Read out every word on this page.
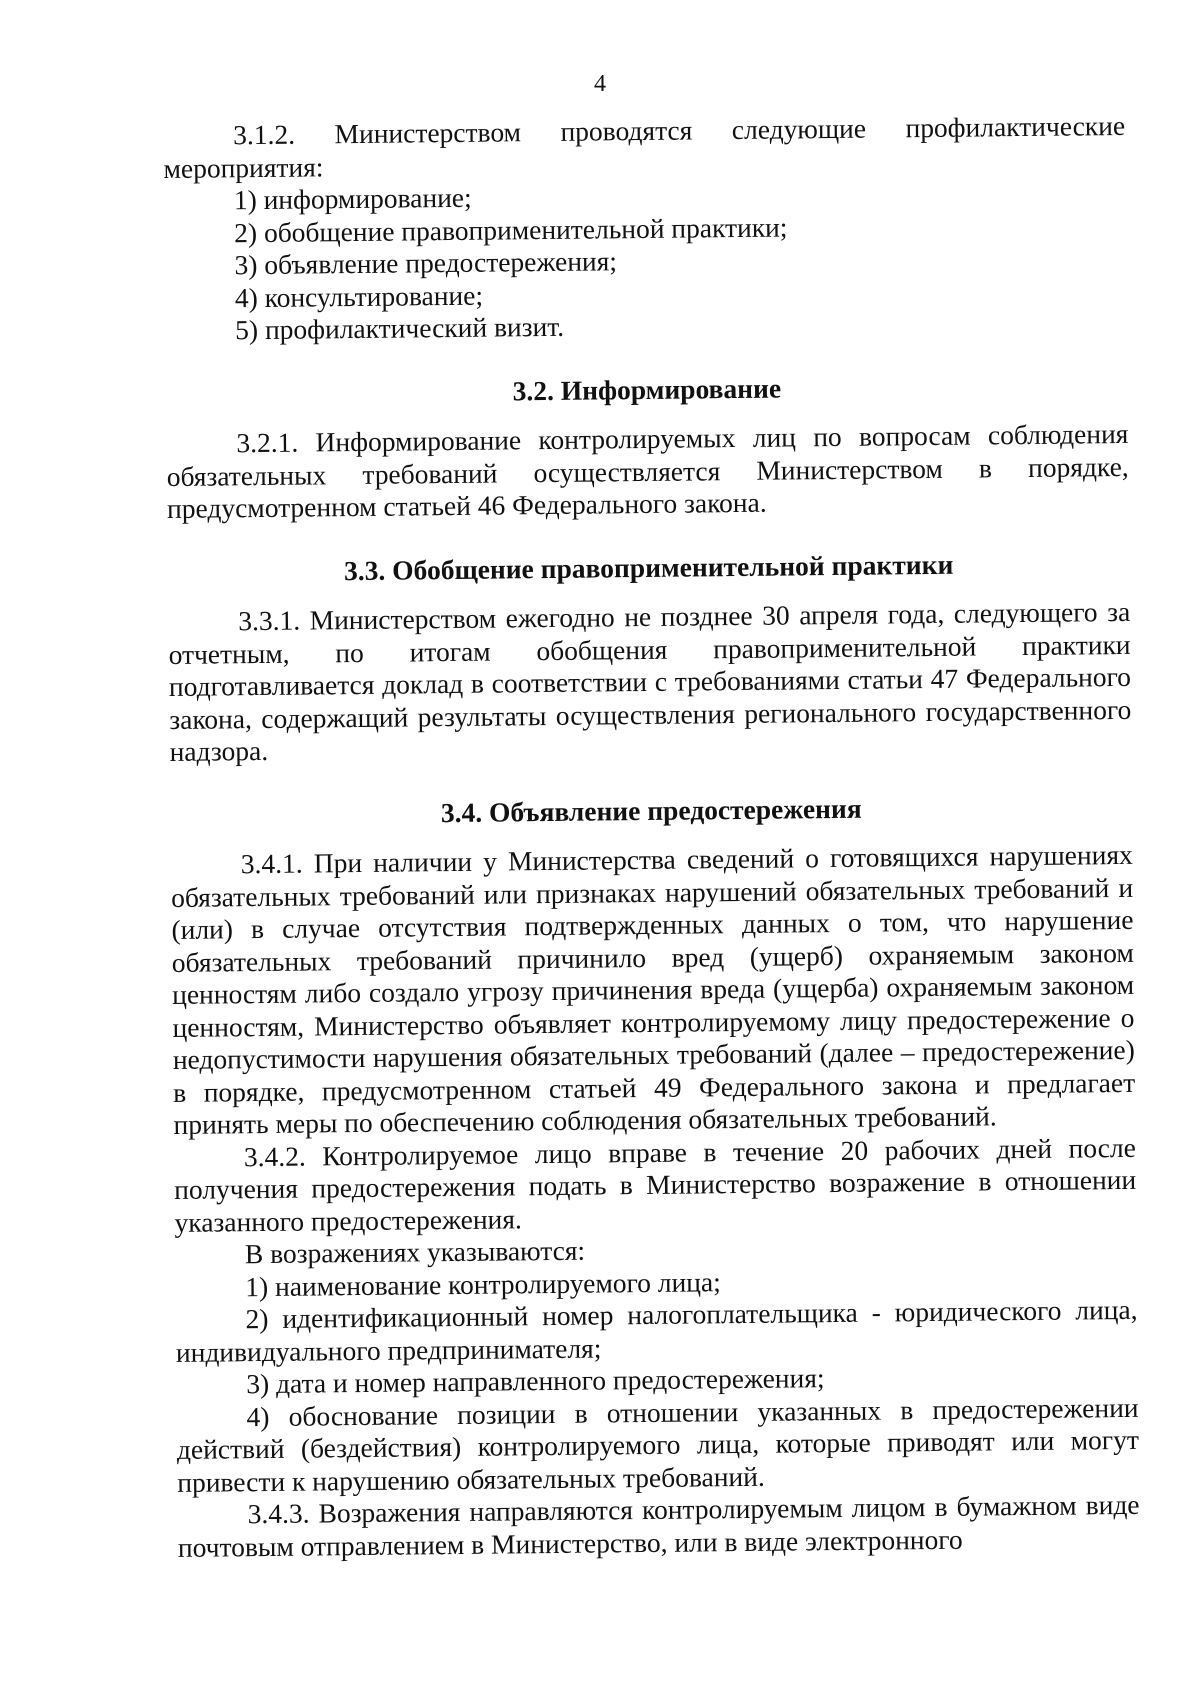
4

3.1.2. Министерством проводятся следующие профилактические мероприятия:

1) информирование;
2) обобщение правоприменительной практики;
3) объявление предостережения;
4) консультирование;
5) профилактический визит.
3.2. Информирование

3.2.1. Информирование контролируемых лиц по вопросам соблюдения обязательных требований осуществляется Министерством в порядке, предусмотренном статьей 46 Федерального закона.

3.3. Обобщение правоприменительной практики

3.3.1. Министерством ежегодно не позднее 30 апреля года, следующего за отчетным, по итогам обобщения правоприменительной практики подготавливается доклад в соответствии с требованиями статьи 47 Федерального закона, содержащий результаты осуществления регионального государственного надзора.

3.4. Объявление предостережения

3.4.1. При наличии у Министерства сведений о готовящихся нарушениях обязательных требований или признаках нарушений обязательных требований и (или) в случае отсутствия подтвержденных данных о том, что нарушение обязательных требований причинило вред (ущерб) охраняемым законом ценностям либо создало угрозу причинения вреда (ущерба) охраняемым законом ценностям, Министерство объявляет контролируемому лицу предостережение о недопустимости нарушения обязательных требований (далее – предостережение) в порядке, предусмотренном статьей 49 Федерального закона и предлагает принять меры по обеспечению соблюдения обязательных требований.

3.4.2. Контролируемое лицо вправе в течение 20 рабочих дней после получения предостережения подать в Министерство возражение в отношении указанного предостережения.

В возражениях указываются:

1) наименование контролируемого лица;

2) идентификационный номер налогоплательщика - юридического лица, индивидуального предпринимателя;

3) дата и номер направленного предостережения;

4) обоснование позиции в отношении указанных в предостережении действий (бездействия) контролируемого лица, которые приводят или могут привести к нарушению обязательных требований.

3.4.3. Возражения направляются контролируемым лицом в бумажном виде почтовым отправлением в Министерство, или в виде электронного
